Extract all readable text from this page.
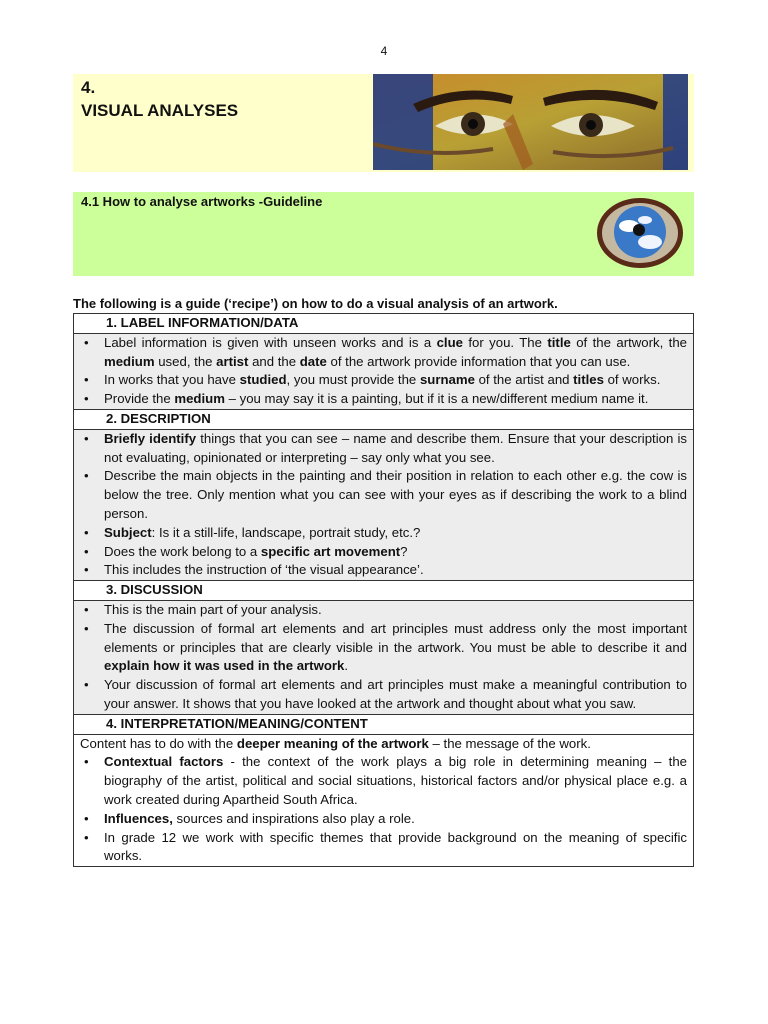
4
4.
VISUAL ANALYSES
4.1 How to analyse artworks -Guideline
The following is a guide (‘recipe’) on how to do a visual analysis of an artwork.
1. LABEL INFORMATION/DATA

• Label information is given with unseen works and is a clue for you. The title of the artwork, the medium used, the artist and the date of the artwork provide information that you can use.
• In works that you have studied, you must provide the surname of the artist and titles of works.
• Provide the medium – you may say it is a painting, but if it is a new/different medium name it.

2. DESCRIPTION

• Briefly identify things that you can see – name and describe them. Ensure that your description is not evaluating, opinionated or interpreting – say only what you see.
• Describe the main objects in the painting and their position in relation to each other e.g. the cow is below the tree. Only mention what you can see with your eyes as if describing the work to a blind person.
• Subject: Is it a still-life, landscape, portrait study, etc.?
• Does the work belong to a specific art movement?
• This includes the instruction of ‘the visual appearance’.

3. DISCUSSION

• This is the main part of your analysis.
• The discussion of formal art elements and art principles must address only the most important elements or principles that are clearly visible in the artwork. You must be able to describe it and explain how it was used in the artwork.
• Your discussion of formal art elements and art principles must make a meaningful contribution to your answer. It shows that you have looked at the artwork and thought about what you saw.

4. INTERPRETATION/MEANING/CONTENT

Content has to do with the deeper meaning of the artwork – the message of the work.
• Contextual factors - the context of the work plays a big role in determining meaning – the biography of the artist, political and social situations, historical factors and/or physical place e.g. a work created during Apartheid South Africa.
• Influences, sources and inspirations also play a role.
• In grade 12 we work with specific themes that provide background on the meaning of specific works.
